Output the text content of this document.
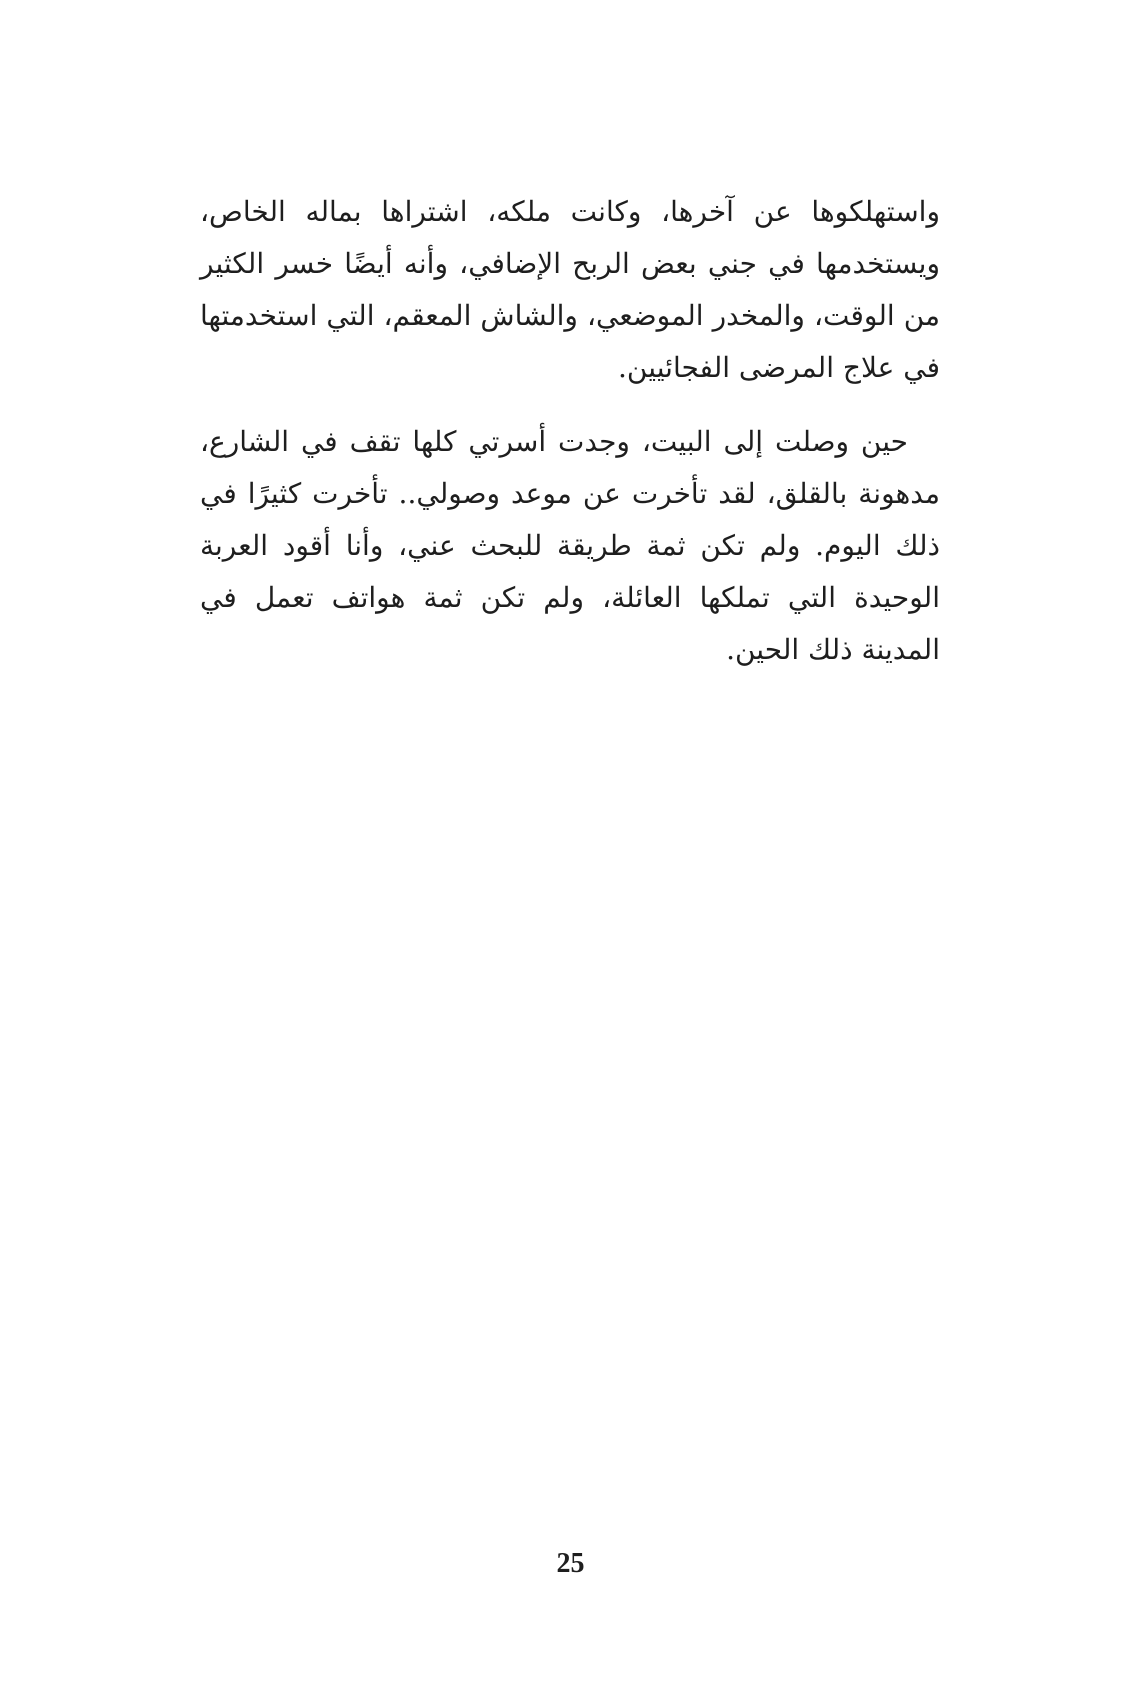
واستهلكوها عن آخرها، وكانت ملكه، اشتراها بماله الخاص،
ويستخدمها في جني بعض الربح الإضافي، وأنه أيضًا خسر الكثير
من الوقت، والمخدر الموضعي، والشاش المعقم، التي استخدمتها
في علاج المرضى الفجائيين.
حين وصلت إلى البيت، وجدت أسرتي كلها تقف في الشارع،
مدهونة بالقلق، لقد تأخرت عن موعد وصولي.. تأخرت كثيرًا في
ذلك اليوم. ولم تكن ثمة طريقة للبحث عني، وأنا أقود العربة
الوحيدة التي تملكها العائلة، ولم تكن ثمة هواتف تعمل في
المدينة ذلك الحين.
25
